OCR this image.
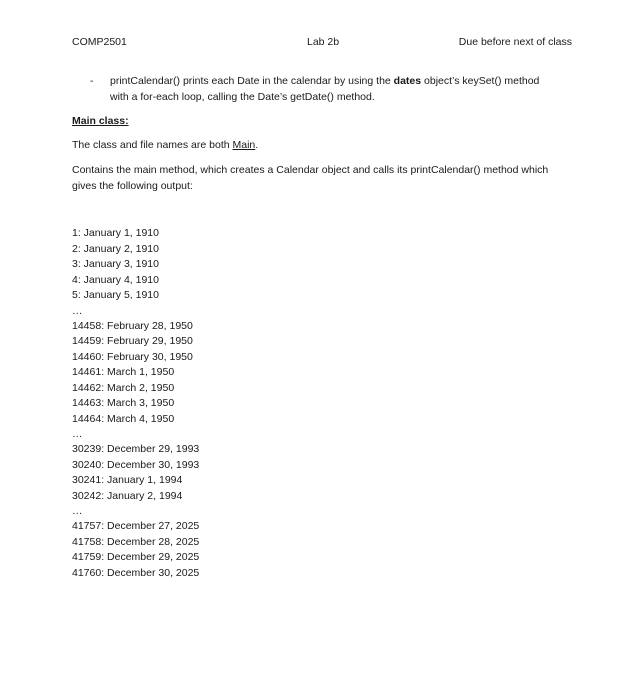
COMP2501	Lab 2b	Due before next of class
- printCalendar() prints each Date in the calendar by using the dates object’s keySet() method
with a for-each loop, calling the Date’s getDate() method.
Main class:
The class and file names are both Main.
Contains the main method, which creates a Calendar object and calls its printCalendar() method which
gives the following output:
1: January 1, 1910
2: January 2, 1910
3: January 3, 1910
4: January 4, 1910
5: January 5, 1910
…
14458: February 28, 1950
14459: February 29, 1950
14460: February 30, 1950
14461: March 1, 1950
14462: March 2, 1950
14463: March 3, 1950
14464: March 4, 1950
…
30239: December 29, 1993
30240: December 30, 1993
30241: January 1, 1994
30242: January 2, 1994
…
41757: December 27, 2025
41758: December 28, 2025
41759: December 29, 2025
41760: December 30, 2025
